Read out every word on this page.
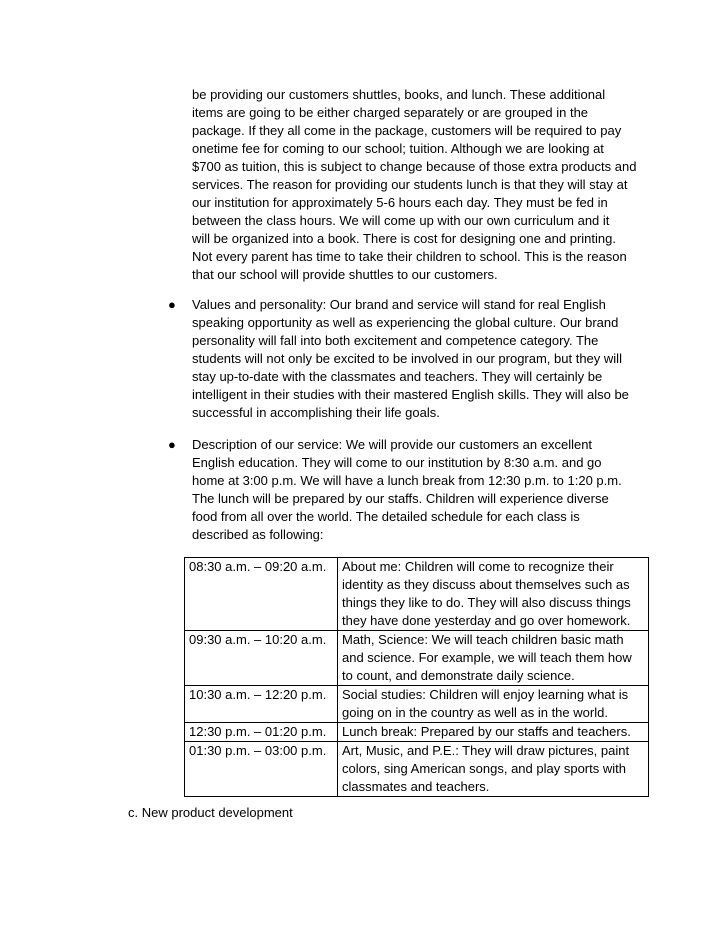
be providing our customers shuttles, books, and lunch. These additional
items are going to be either charged separately or are grouped in the
package. If they all come in the package, customers will be required to pay
onetime fee for coming to our school; tuition. Although we are looking at
$700 as tuition, this is subject to change because of those extra products and
services. The reason for providing our students lunch is that they will stay at
our institution for approximately 5-6 hours each day. They must be fed in
between the class hours. We will come up with our own curriculum and it
will be organized into a book. There is cost for designing one and printing.
Not every parent has time to take their children to school. This is the reason
that our school will provide shuttles to our customers.
● Values and personality: Our brand and service will stand for real English
speaking opportunity as well as experiencing the global culture. Our brand
personality will fall into both excitement and competence category. The
students will not only be excited to be involved in our program, but they will
stay up-to-date with the classmates and teachers. They will certainly be
intelligent in their studies with their mastered English skills. They will also be
successful in accomplishing their life goals.
● Description of our service: We will provide our customers an excellent
English education. They will come to our institution by 8:30 a.m. and go
home at 3:00 p.m. We will have a lunch break from 12:30 p.m. to 1:20 p.m.
The lunch will be prepared by our staffs. Children will experience diverse
food from all over the world. The detailed schedule for each class is
described as following:
08:30 a.m. – 09:20 a.m.	About me: Children will come to recognize their
identity as they discuss about themselves such as
things they like to do. They will also discuss things
they have done yesterday and go over homework.
09:30 a.m. – 10:20 a.m.	Math, Science: We will teach children basic math
and science. For example, we will teach them how
to count, and demonstrate daily science.
10:30 a.m. – 12:20 p.m.	Social studies: Children will enjoy learning what is
going on in the country as well as in the world.
12:30 p.m. – 01:20 p.m.	Lunch break: Prepared by our staffs and teachers.
01:30 p.m. – 03:00 p.m.	Art, Music, and P.E.: They will draw pictures, paint
colors, sing American songs, and play sports with
classmates and teachers.
c. New product development
